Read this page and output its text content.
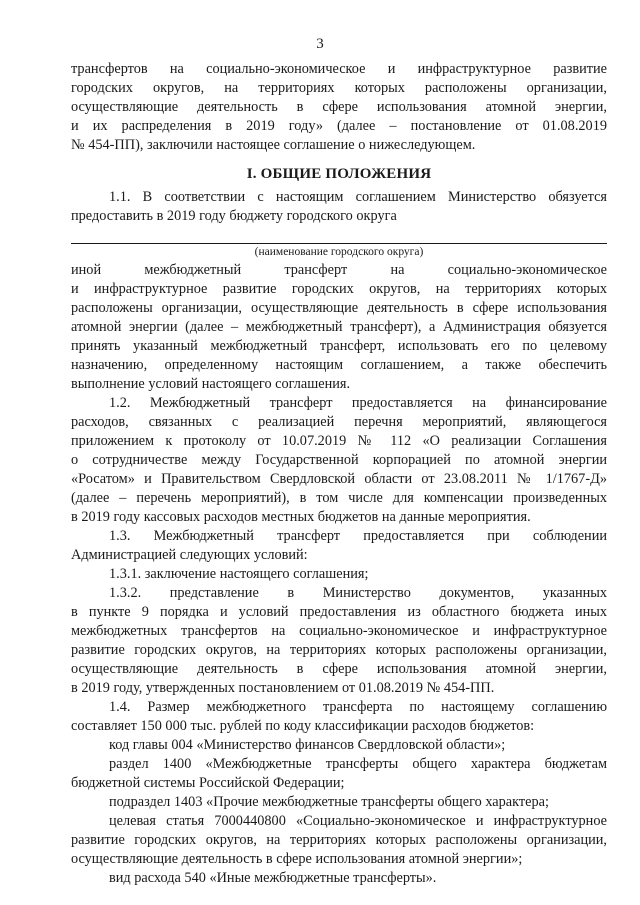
3

трансфертов на социально-экономическое и инфраструктурное развитие
городских округов, на территориях которых расположены организации,
осуществляющие деятельность в сфере использования атомной энергии,
и их распределения в 2019 году» (далее – постановление от 01.08.2019
№ 454-ПП), заключили настоящее соглашение о нижеследующем.

I. ОБЩИЕ ПОЛОЖЕНИЯ

1.1. В соответствии с настоящим соглашением Министерство обязуется
предоставить в 2019 году бюджету городского округа

(наименование городского округа)

иной межбюджетный трансферт на социально-экономическое
и инфраструктурное развитие городских округов, на территориях которых
расположены организации, осуществляющие деятельность в сфере использования
атомной энергии (далее – межбюджетный трансферт), а Администрация обязуется
принять указанный межбюджетный трансферт, использовать его по целевому
назначению, определенному настоящим соглашением, а также обеспечить
выполнение условий настоящего соглашения.

1.2. Межбюджетный трансферт предоставляется на финансирование
расходов, связанных с реализацией перечня мероприятий, являющегося
приложением к протоколу от 10.07.2019 № 112 «О реализации Соглашения
о сотрудничестве между Государственной корпорацией по атомной энергии
«Росатом» и Правительством Свердловской области от 23.08.2011 № 1/1767-Д»
(далее – перечень мероприятий), в том числе для компенсации произведенных
в 2019 году кассовых расходов местных бюджетов на данные мероприятия.

1.3. Межбюджетный трансферт предоставляется при соблюдении
Администрацией следующих условий:

1.3.1. заключение настоящего соглашения;

1.3.2. представление в Министерство документов, указанных
в пункте 9 порядка и условий предоставления из областного бюджета иных
межбюджетных трансфертов на социально-экономическое и инфраструктурное
развитие городских округов, на территориях которых расположены организации,
осуществляющие деятельность в сфере использования атомной энергии,
в 2019 году, утвержденных постановлением от 01.08.2019 № 454-ПП.

1.4. Размер межбюджетного трансферта по настоящему соглашению
составляет 150 000 тыс. рублей по коду классификации расходов бюджетов:

код главы 004 «Министерство финансов Свердловской области»;

раздел 1400 «Межбюджетные трансферты общего характера бюджетам
бюджетной системы Российской Федерации;

подраздел 1403 «Прочие межбюджетные трансферты общего характера;

целевая статья 7000440800 «Социально-экономическое и инфраструктурное
развитие городских округов, на территориях которых расположены организации,
осуществляющие деятельность в сфере использования атомной энергии»;

вид расхода 540 «Иные межбюджетные трансферты».
